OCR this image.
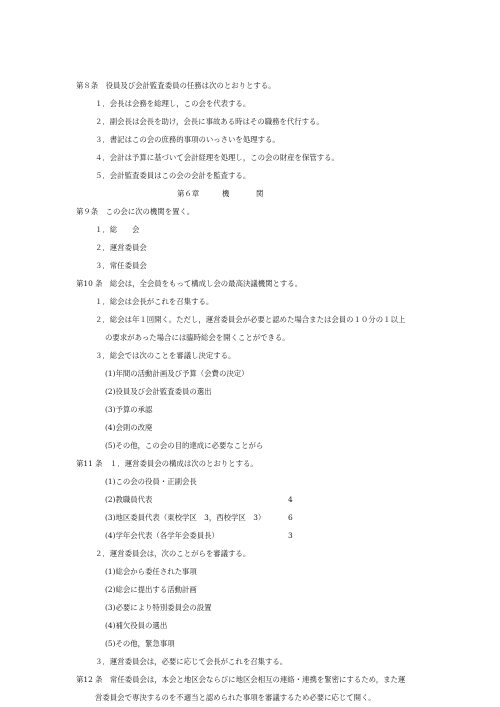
第８条　役員及び会計監査委員の任務は次のとおりとする。
１．会長は会務を総理し，この会を代表する。
２．副会長は会長を助け，会長に事故ある時はその職務を代行する。
３．書記はこの会の庶務的事項のいっさいを処理する。
４．会計は予算に基づいて会計経理を処理し，この会の財産を保管する。
５．会計監査委員はこの会の会計を監査する。
第６章	機	関
第９条　この会に次の機関を置く。
１．総　　会
２．運営委員会
３．常任委員会
第10 条　総会は，全会員をもって構成し会の最高決議機関とする。
１．総会は会長がこれを召集する。
２．総会は年１回開く。ただし，運営委員会が必要と認めた場合または会員の１０分の１以上
の要求があった場合には臨時総会を開くことができる。
３．総会では次のことを審議し決定する。
(1)年間の活動計画及び予算（会費の決定）
(2)役員及び会計監査委員の選出
(3)予算の承認
(4)会則の改廃
(5)その他，この会の目的達成に必要なことがら
第11 条　１．運営委員会の構成は次のとおりとする。
(1)この会の役員・正副会長
(2)教職員代表	4
(3)地区委員代表（東校学区　3，西校学区　3）	6
(4)学年会代表（各学年会委員長）	3
２．運営委員会は，次のことがらを審議する。
(1)総会から委任された事項
(2)総会に提出する活動計画
(3)必要により特別委員会の設置
(4)補欠役員の選出
(5)その他，緊急事項
３．運営委員会は，必要に応じて会長がこれを召集する。
第12 条　常任委員会は，本会と地区会ならびに地区会相互の連絡・連携を緊密にするため，また運
営委員会で専決するのを不適当と認められた事項を審議するため必要に応じて開く。
